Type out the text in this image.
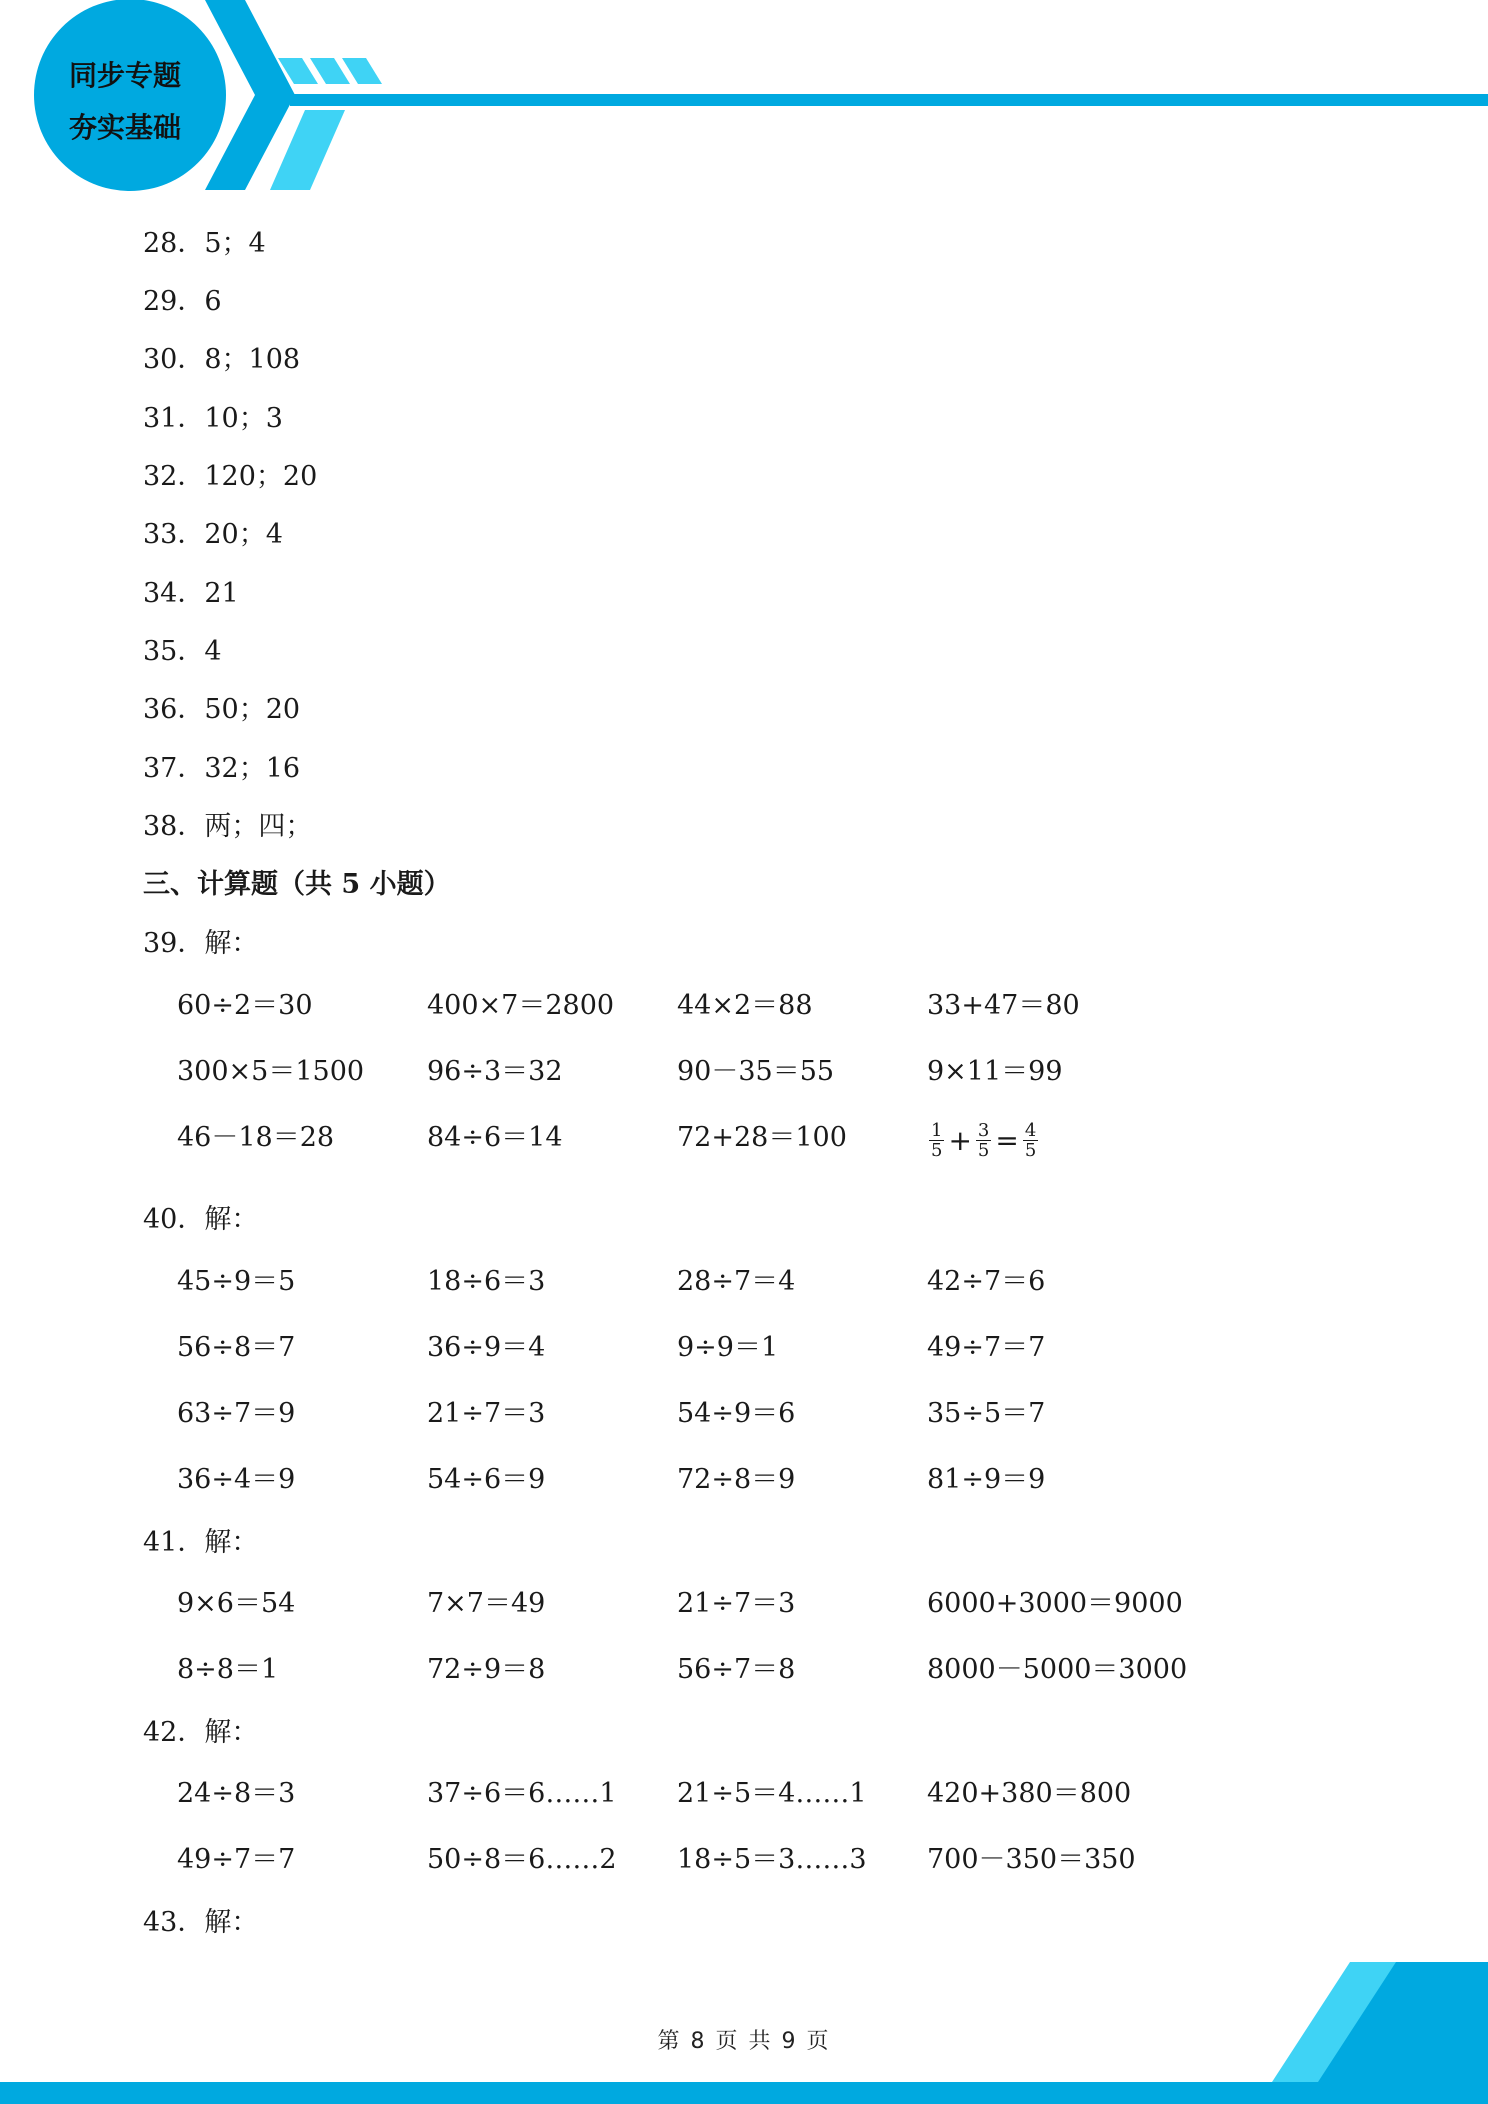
同步专题
夯实基础
28．5；4
29．6
30．8；108
31．10；3
32．120；20
33．20；4
34．21
35．4
36．50；20
37．32；16
38．两；四；
三、计算题（共 5 小题）
39．解：
60÷2＝30	400×7＝2800 44×2＝88	33+47＝80
300×5＝1500 96÷3＝32	90－35＝55	9×11＝99
46－18＝28	84÷6＝14	72+28＝100	$\frac{1}{5} + \frac{3}{5} = \frac{4}{5}$
40．解：
45÷9＝5	18÷6＝3	28÷7＝4	42÷7＝6
56÷8＝7	36÷9＝4	9÷9＝1	49÷7＝7
63÷7＝9	21÷7＝3	54÷9＝6	35÷5＝7
36÷4＝9	54÷6＝9	72÷8＝9	81÷9＝9
41．解：
9×6＝54	7×7＝49	21÷7＝3	6000+3000＝9000
8÷8＝1	72÷9＝8	56÷7＝8	8000－5000＝3000
42．解：
24÷8＝3	37÷6＝6……1 21÷5＝4……1 420+380＝800
49÷7＝7	50÷8＝6……2 18÷5＝3……3 700－350＝350
43．解：
第 8 页 共 9 页
